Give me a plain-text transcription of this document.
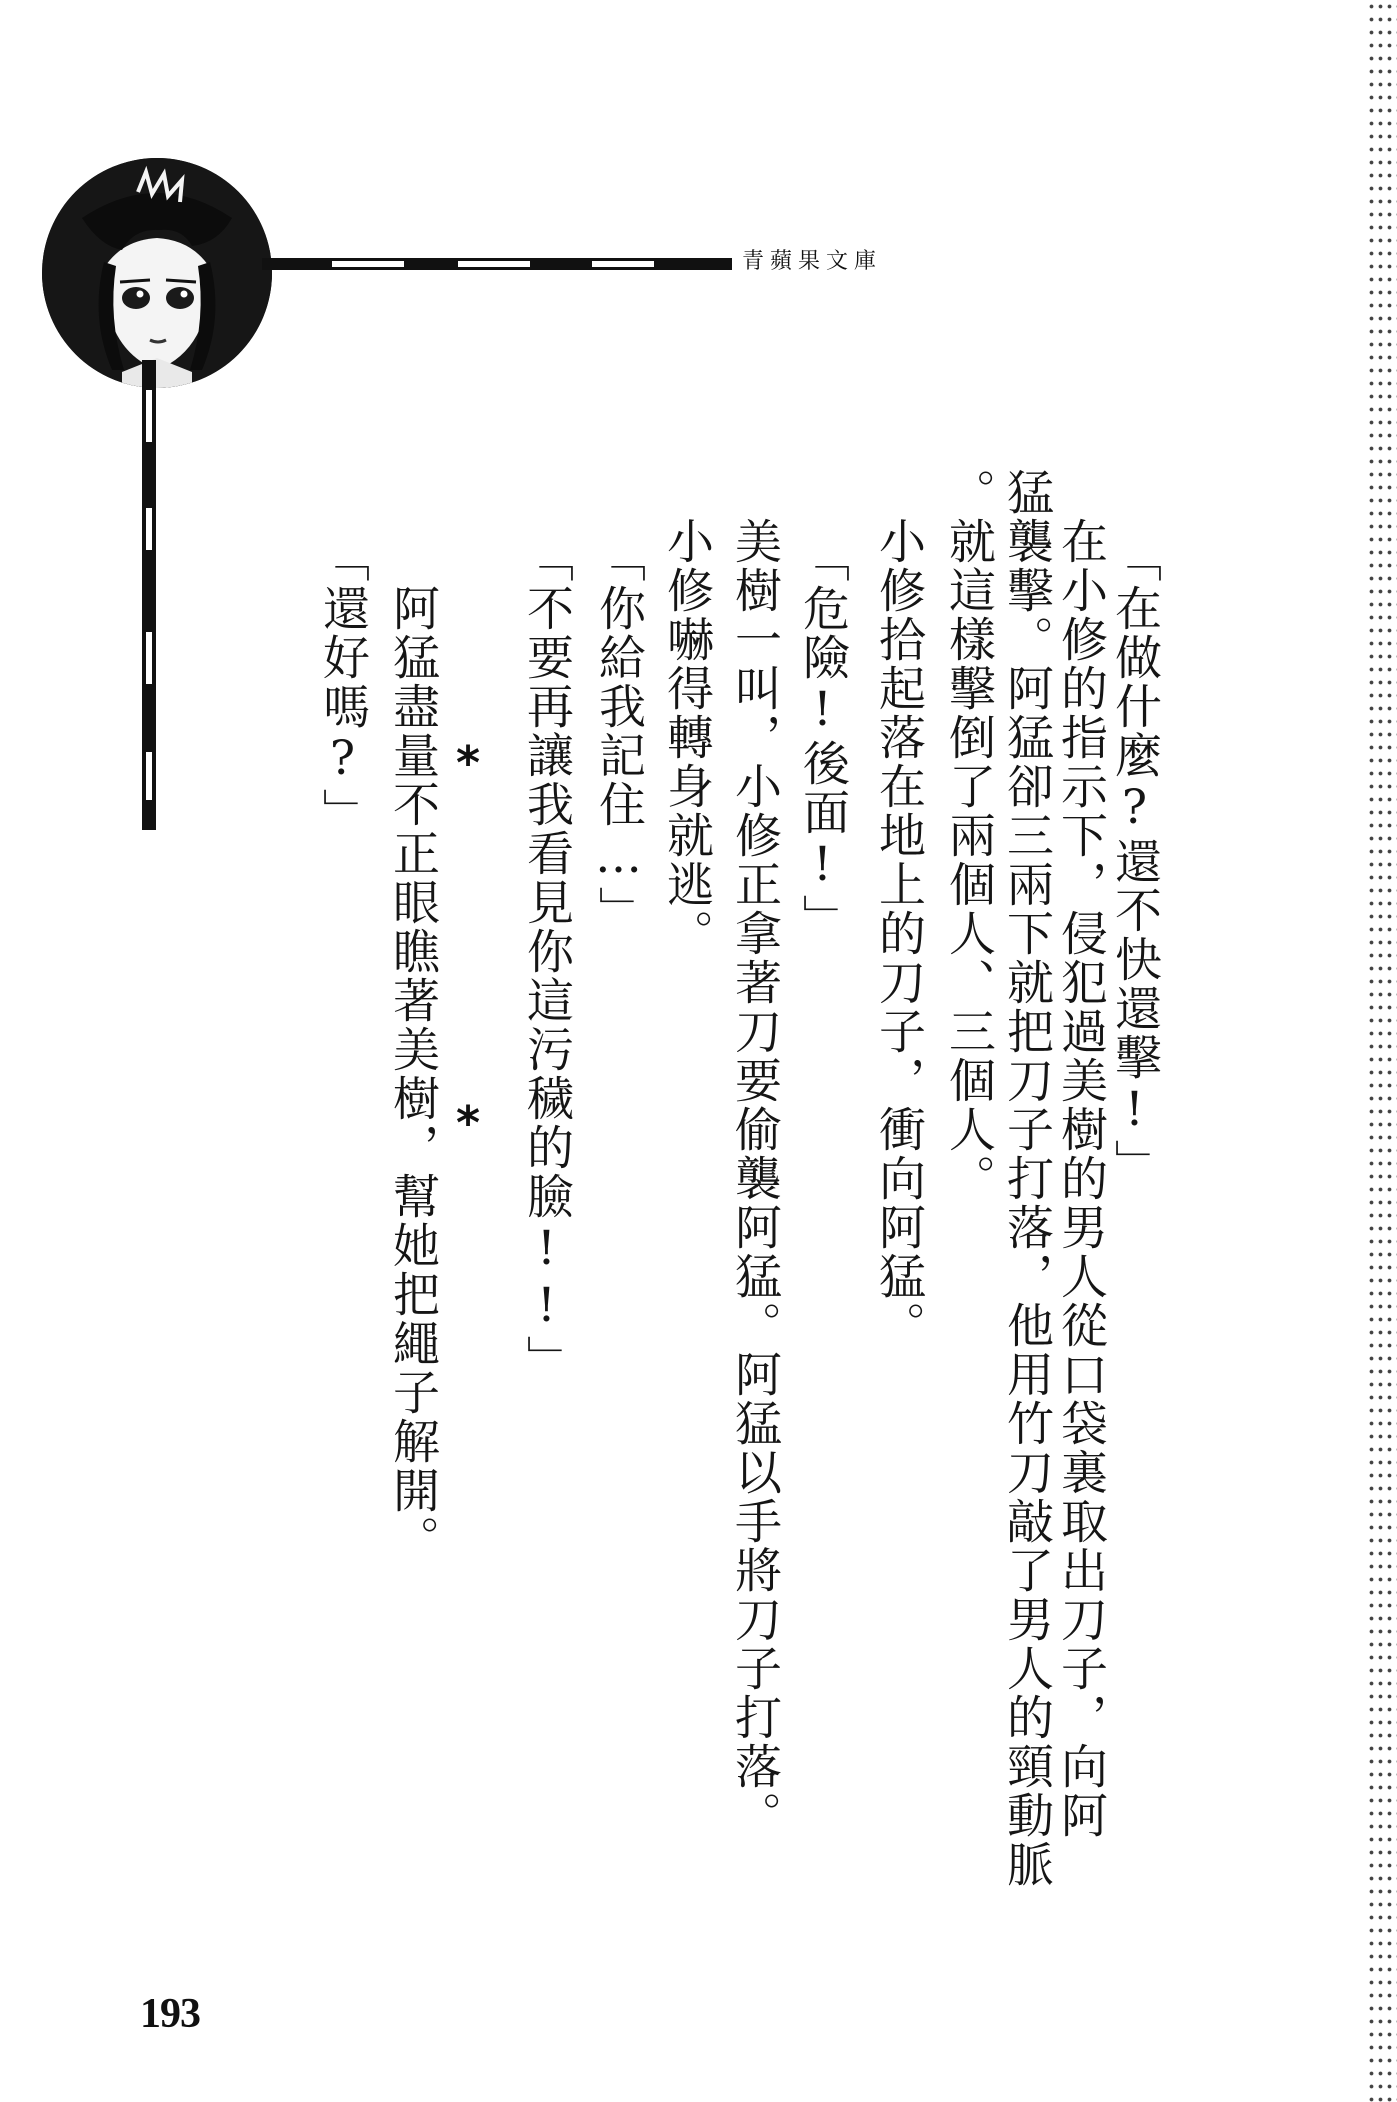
青蘋果文庫
「在做什麼?還不快還擊!」
　在小修的指示下，侵犯過美樹的男人從口袋裏取出刀子，向阿
猛襲擊。阿猛卻三兩下就把刀子打落，他用竹刀敲了男人的頸動脈
。就這樣擊倒了兩個人、三個人。
　小修拾起落在地上的刀子，衝向阿猛。
「危險!後面!」
　美樹一叫，小修正拿著刀要偷襲阿猛。阿猛以手將刀子打落。
　小修嚇得轉身就逃。
「你給我記住…」
「不要再讓我看見你這污穢的臉!!」
*
*
　阿猛盡量不正眼瞧著美樹，幫她把繩子解開。
「還好嗎?」
193
